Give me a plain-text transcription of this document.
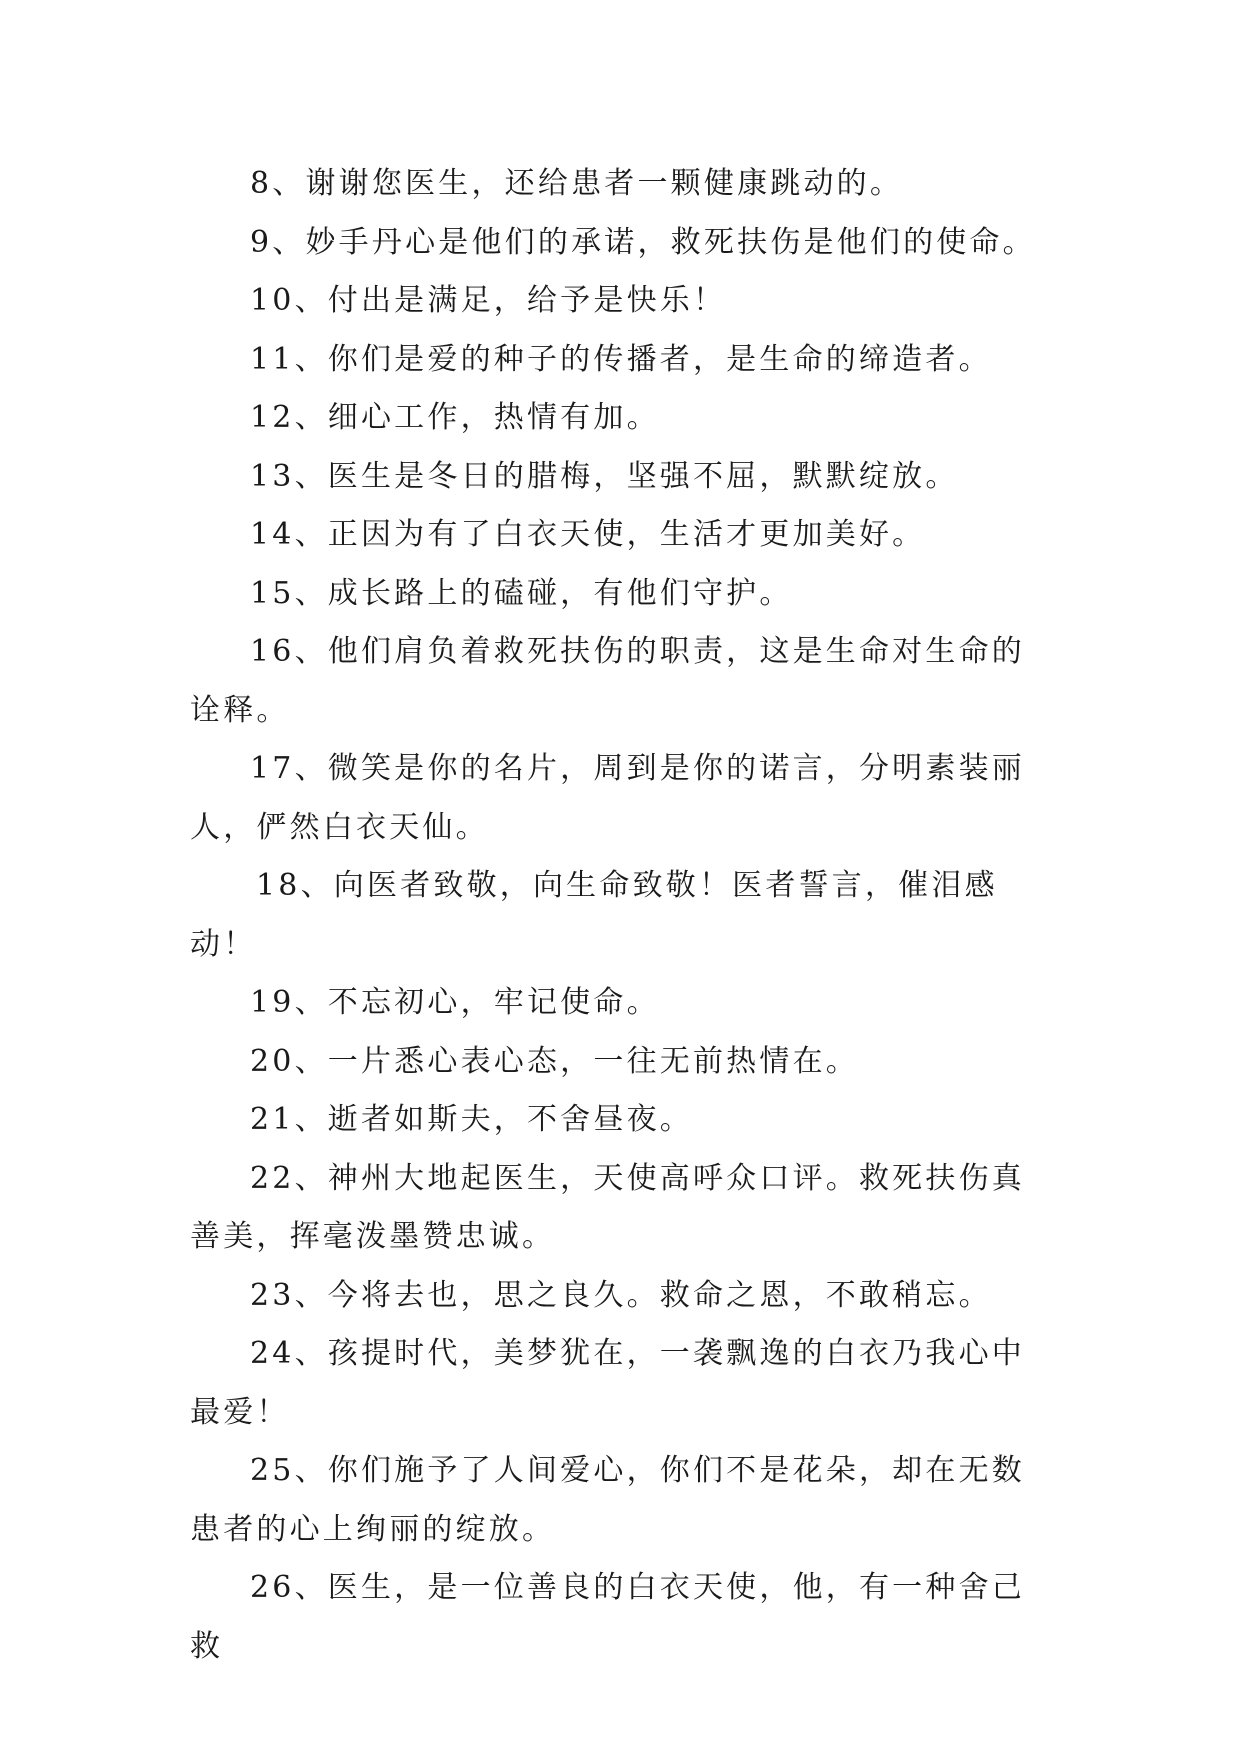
8、谢谢您医生，还给患者一颗健康跳动的。

9、妙手丹心是他们的承诺，救死扶伤是他们的使命。

10、付出是满足，给予是快乐！

11、你们是爱的种子的传播者，是生命的缔造者。

12、细心工作，热情有加。

13、医生是冬日的腊梅，坚强不屈，默默绽放。

14、正因为有了白衣天使，生活才更加美好。

15、成长路上的磕碰，有他们守护。

16、他们肩负着救死扶伤的职责，这是生命对生命的诠释。

17、微笑是你的名片，周到是你的诺言，分明素装丽人，俨然白衣天仙。

18、向医者致敬，向生命致敬！医者誓言，催泪感动！

19、不忘初心，牢记使命。

20、一片悉心表心态，一往无前热情在。

21、逝者如斯夫，不舍昼夜。

22、神州大地起医生，天使高呼众口评。救死扶伤真善美，挥毫泼墨赞忠诚。

23、今将去也，思之良久。救命之恩，不敢稍忘。

24、孩提时代，美梦犹在，一袭飘逸的白衣乃我心中最爱！

25、你们施予了人间爱心，你们不是花朵，却在无数患者的心上绚丽的绽放。

26、医生，是一位善良的白衣天使，他，有一种舍己救
